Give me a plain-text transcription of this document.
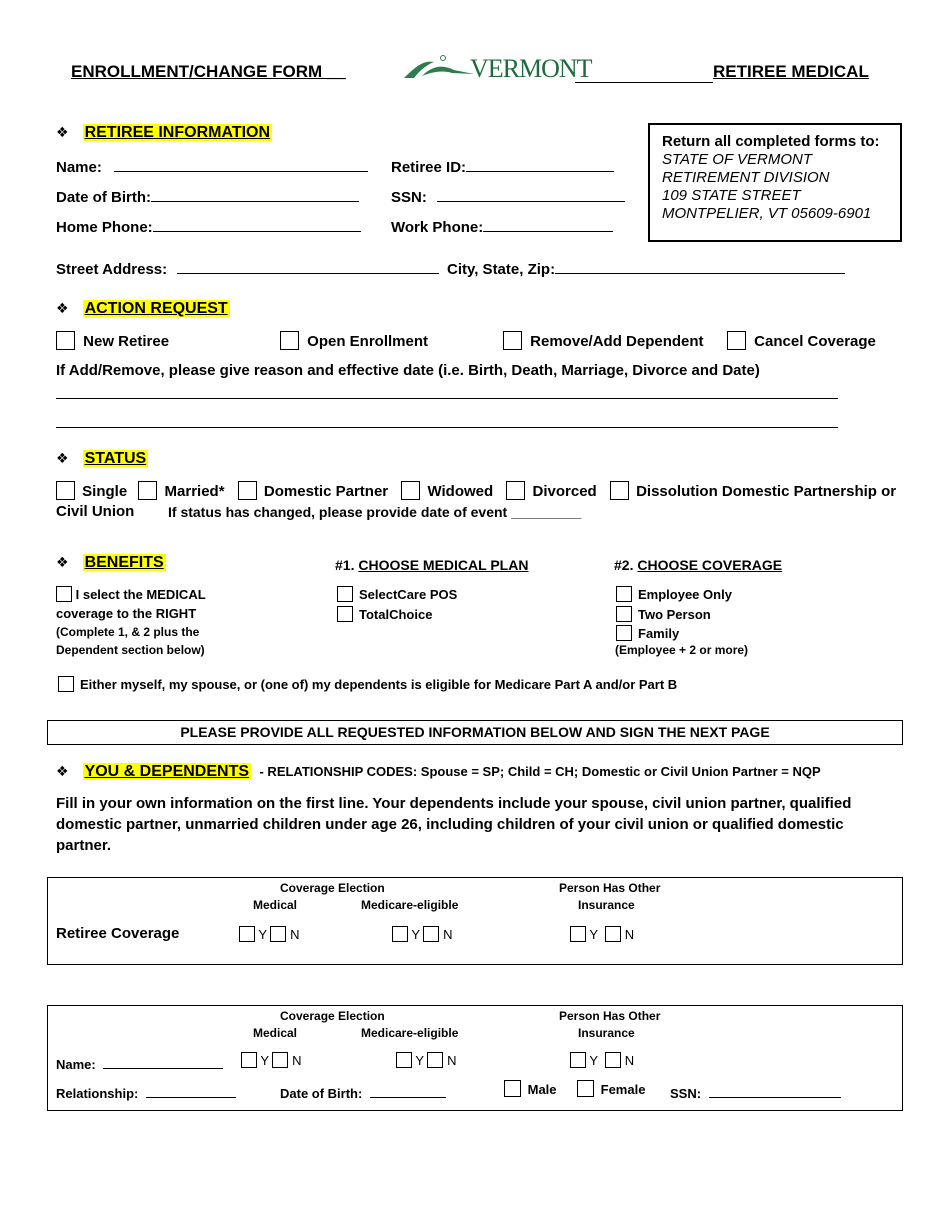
ENROLLMENT/CHANGE FORM __	VERMONT	RETIREE MEDICAL
Return all completed forms to:
STATE OF VERMONT
RETIREMENT DIVISION
109 STATE STREET
MONTPELIER, VT 05609-6901
❖ RETIREE INFORMATION
Name:	Retiree ID:
Date of Birth:	SSN:
Home Phone:	Work Phone:
Street Address:	City, State, Zip:
❖ ACTION REQUEST
New Retiree	Open Enrollment	Remove/Add Dependent	Cancel Coverage
If Add/Remove, please give reason and effective date (i.e. Birth, Death, Marriage, Divorce and Date)
❖ STATUS
Single Married*	Domestic Partner	Widowed	Divorced	Dissolution Domestic Partnership or
Civil Union If status has changed, please provide date of event _________
❖ BENEFITS	#1. CHOOSE MEDICAL PLAN	#2. CHOOSE COVERAGE
I select the MEDICAL
coverage to the RIGHT
(Complete 1, & 2 plus the
Dependent section below)
SelectCare POS
TotalChoice
Employee Only
Two Person
Family
(Employee + 2 or more)
Either myself, my spouse, or (one of) my dependents is eligible for Medicare Part A and/or Part B
PLEASE PROVIDE ALL REQUESTED INFORMATION BELOW AND SIGN THE NEXT PAGE
❖ YOU & DEPENDENTS - RELATIONSHIP CODES: Spouse = SP; Child = CH; Domestic or Civil Union Partner = NQP
Fill in your own information on the first line. Your dependents include your spouse, civil union partner, qualified
domestic partner, unmarried children under age 26, including children of your civil union or qualified domestic
partner.
Coverage Election
Medical	Medicare-eligible
Person Has Other
Insurance
Retiree Coverage	Y N	Y N	Y N
Coverage Election
Medical	Medicare-eligible
Person Has Other
Insurance
Name:	Y N	Y N	Y N
Relationship:	Date of Birth:	Male	Female SSN:
